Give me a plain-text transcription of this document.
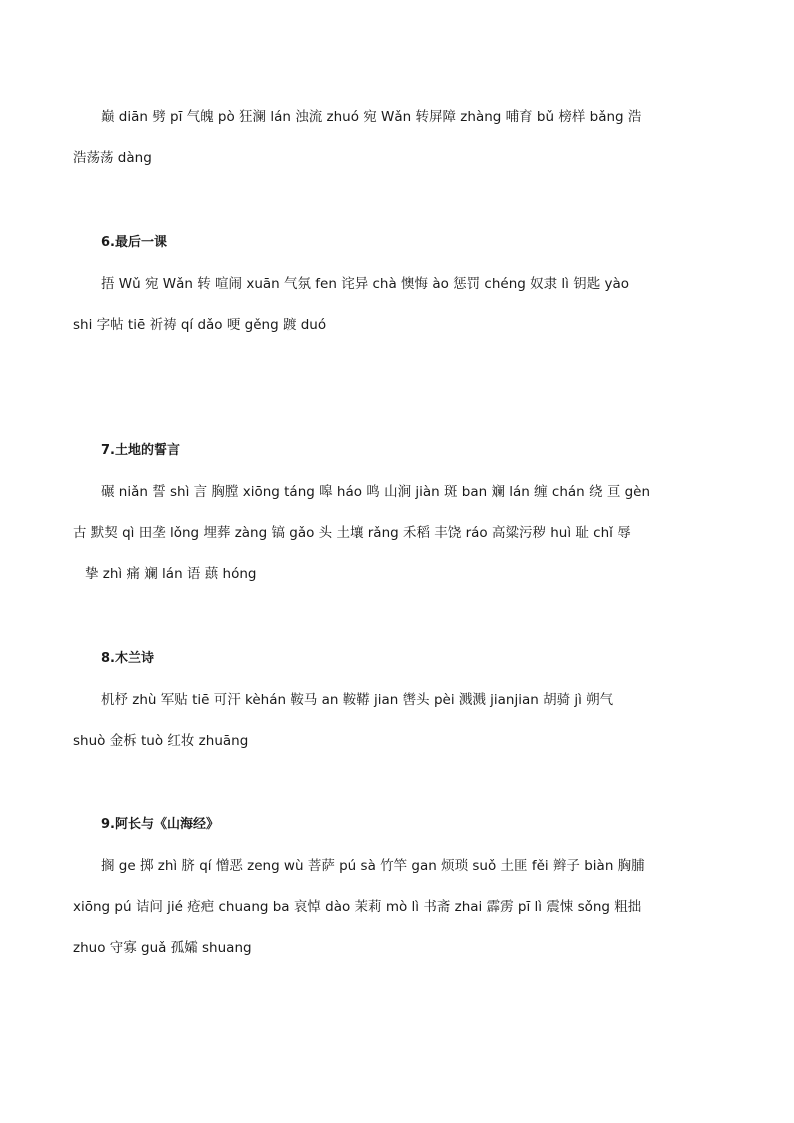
巅 diān 劈 pī 气魄 pò 狂澜 lán 浊流 zhuó 宛 Wǎn 转屏障 zhàng 哺育 bǔ 榜样 bǎng 浩
浩荡荡 dàng
6.最后一课
捂 Wǔ 宛 Wǎn 转 喧闹 xuān 气氛 fen 诧异 chà 懊悔 ào 惩罚 chéng 奴隶 lì 钥匙 yào
shi 字帖 tiē 祈祷 qí dǎo 哽 gěng 踱 duó
7.土地的誓言
碾 niǎn 誓 shì 言 胸膛 xiōng táng 嗥 háo 鸣 山涧 jiàn 斑 ban 斓 lán 缠 chán 绕 亘 gèn
古 默契 qì 田垄 lǒng 埋葬 zàng 镐 gǎo 头 土壤 rǎng 禾稻 丰饶 ráo 高粱污秽 huì 耻 chǐ 辱
挚 zhì 痛 斓 lán 语 蕻 hóng
8.木兰诗
机杼 zhù 军贴 tiē 可汗 kèhán 鞍马 an 鞍鞯 jian 辔头 pèi 溅溅 jianjian 胡骑 jì 朔气
shuò 金柝 tuò 红妆 zhuāng
9.阿长与《山海经》
搁 ge 掷 zhì 脐 qí 憎恶 zeng wù 菩萨 pú sà 竹竿 gan 烦琐 suǒ 土匪 fěi 辫子 biàn 胸脯
xiōng pú 诘问 jié 疮疤 chuang ba 哀悼 dào 茉莉 mò lì 书斋 zhai 霹雳 pī lì 震悚 sǒng 粗拙
zhuo 守寡 guǎ 孤孀 shuang
